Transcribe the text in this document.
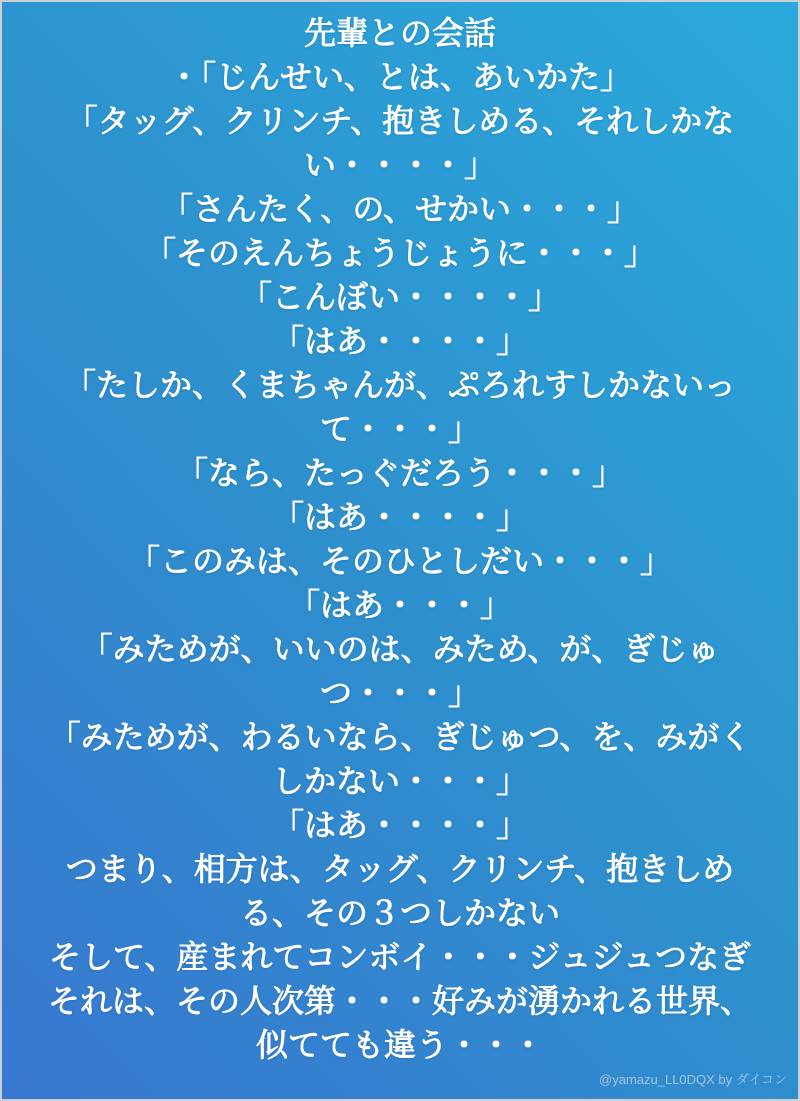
先輩との会話

・「じんせい、とは、あいかた」

「タッグ、クリンチ、抱きしめる、それしかない・・・・」

「さんたく、の、せかい・・・」

「そのえんちょうじょうに・・・」

「こんぼい・・・・」

「はあ・・・・」

「たしか、くまちゃんが、ぷろれすしかないって・・・」

「なら、たっぐだろう・・・」

「はあ・・・・」

「このみは、そのひとしだい・・・」

「はあ・・・」

「みためが、いいのは、みため、が、ぎじゅつ・・・」

「みためが、わるいなら、ぎじゅつ、を、みがくしかない・・・」

「はあ・・・・」

つまり、相方は、タッグ、クリンチ、抱きしめる、その３つしかない

そして、産まれてコンボイ・・・ジュジュつなぎ

それは、その人次第・・・好みが湧かれる世界、似てても違う・・・

@yamazu_LL0DQX by ダイコン
